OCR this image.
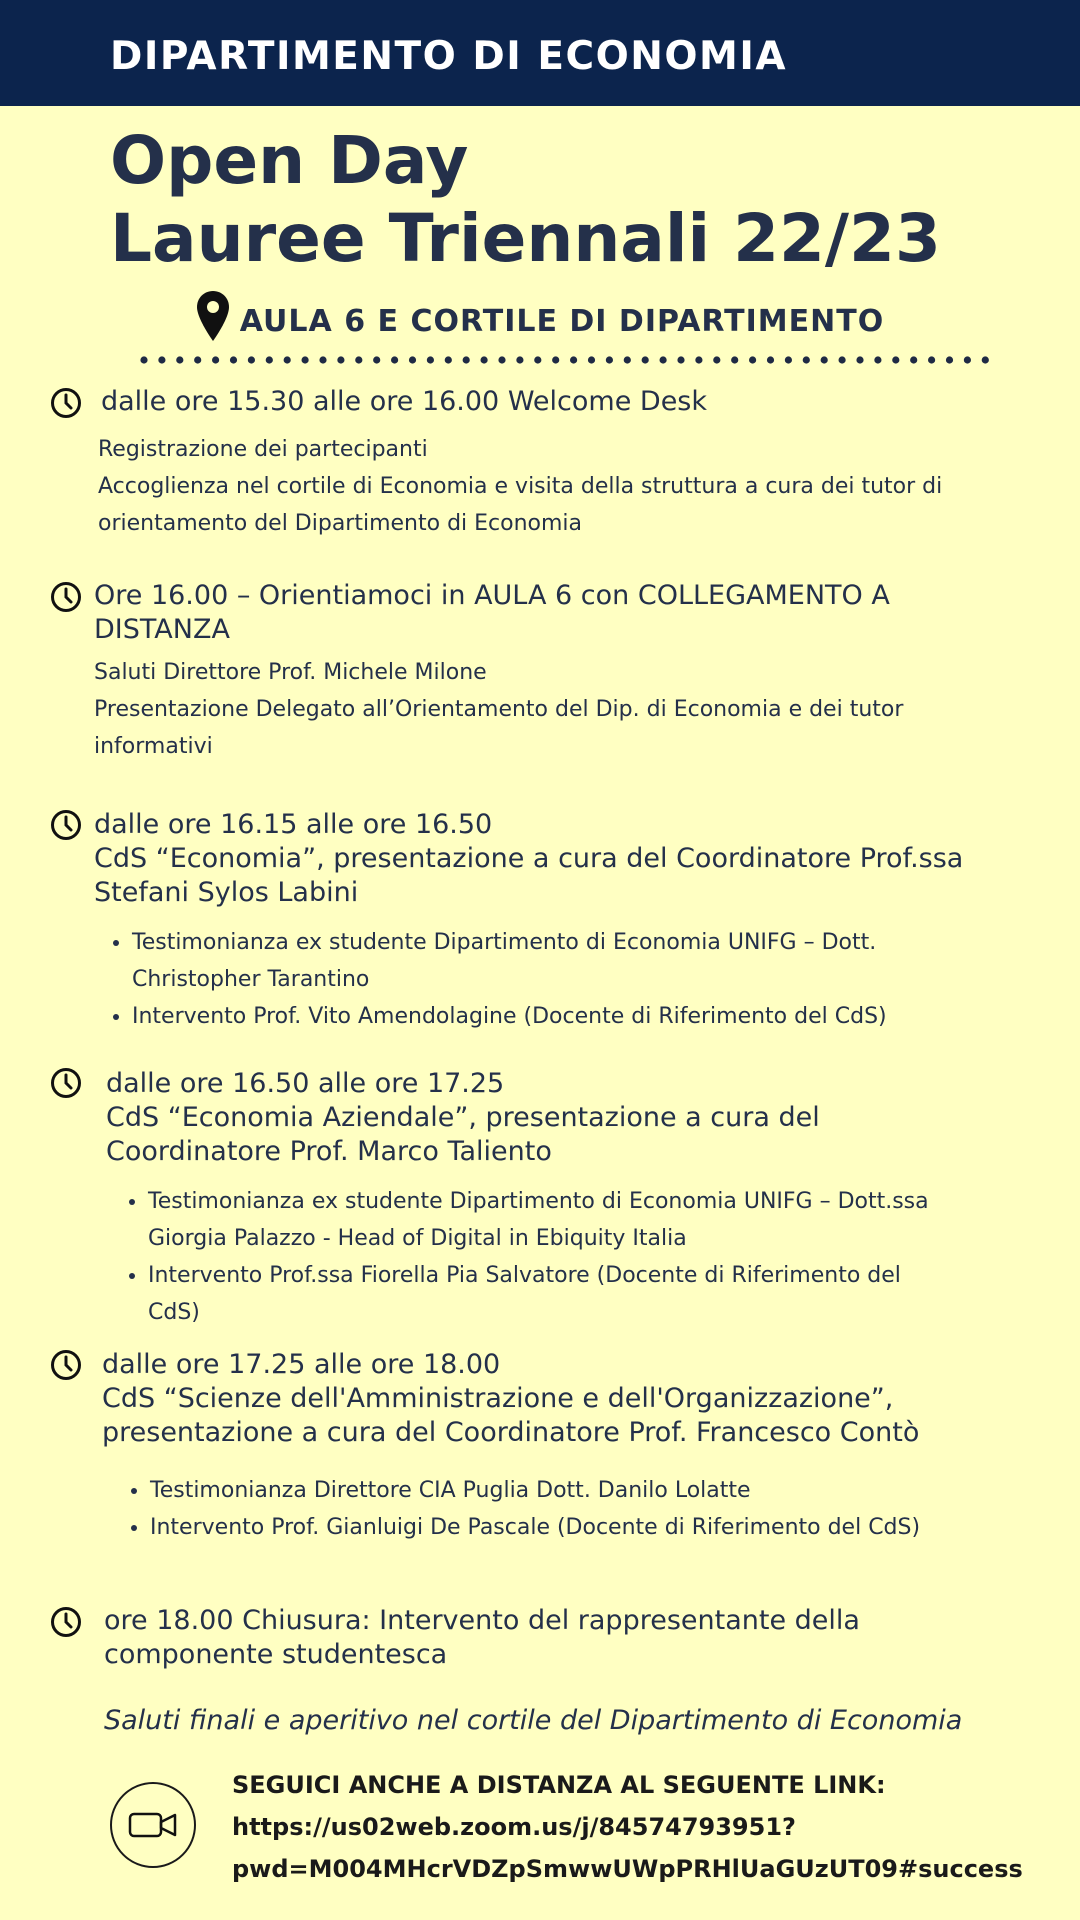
DIPARTIMENTO DI ECONOMIA
Open Day
Lauree Triennali 22/23
AULA 6 E CORTILE DI DIPARTIMENTO
dalle ore 15.30 alle ore 16.00 Welcome Desk
Registrazione dei partecipanti
Accoglienza nel cortile di Economia e visita della struttura a cura dei tutor di
orientamento del Dipartimento di Economia
Ore 16.00 – Orientiamoci in AULA 6 con COLLEGAMENTO A
DISTANZA
Saluti Direttore Prof. Michele Milone
Presentazione Delegato all’Orientamento del Dip. di Economia e dei tutor
informativi
dalle ore 16.15 alle ore 16.50
CdS “Economia”, presentazione a cura del Coordinatore Prof.ssa
Stefani Sylos Labini
• Testimonianza ex studente Dipartimento di Economia UNIFG – Dott.
Christopher Tarantino
• Intervento Prof. Vito Amendolagine (Docente di Riferimento del CdS)
dalle ore 16.50 alle ore 17.25
CdS “Economia Aziendale”, presentazione a cura del
Coordinatore Prof. Marco Taliento
• Testimonianza ex studente Dipartimento di Economia UNIFG – Dott.ssa
Giorgia Palazzo - Head of Digital in Ebiquity Italia
• Intervento Prof.ssa Fiorella Pia Salvatore (Docente di Riferimento del
CdS)
dalle ore 17.25 alle ore 18.00
CdS “Scienze dell'Amministrazione e dell'Organizzazione”,
presentazione a cura del Coordinatore Prof. Francesco Contò
• Testimonianza Direttore CIA Puglia Dott. Danilo Lolatte
• Intervento Prof. Gianluigi De Pascale (Docente di Riferimento del CdS)
ore 18.00 Chiusura: Intervento del rappresentante della
componente studentesca
Saluti finali e aperitivo nel cortile del Dipartimento di Economia
SEGUICI ANCHE A DISTANZA AL SEGUENTE LINK:
https://us02web.zoom.us/j/84574793951?
pwd=M004MHcrVDZpSmwwUWpPRHlUaGUzUT09#success
